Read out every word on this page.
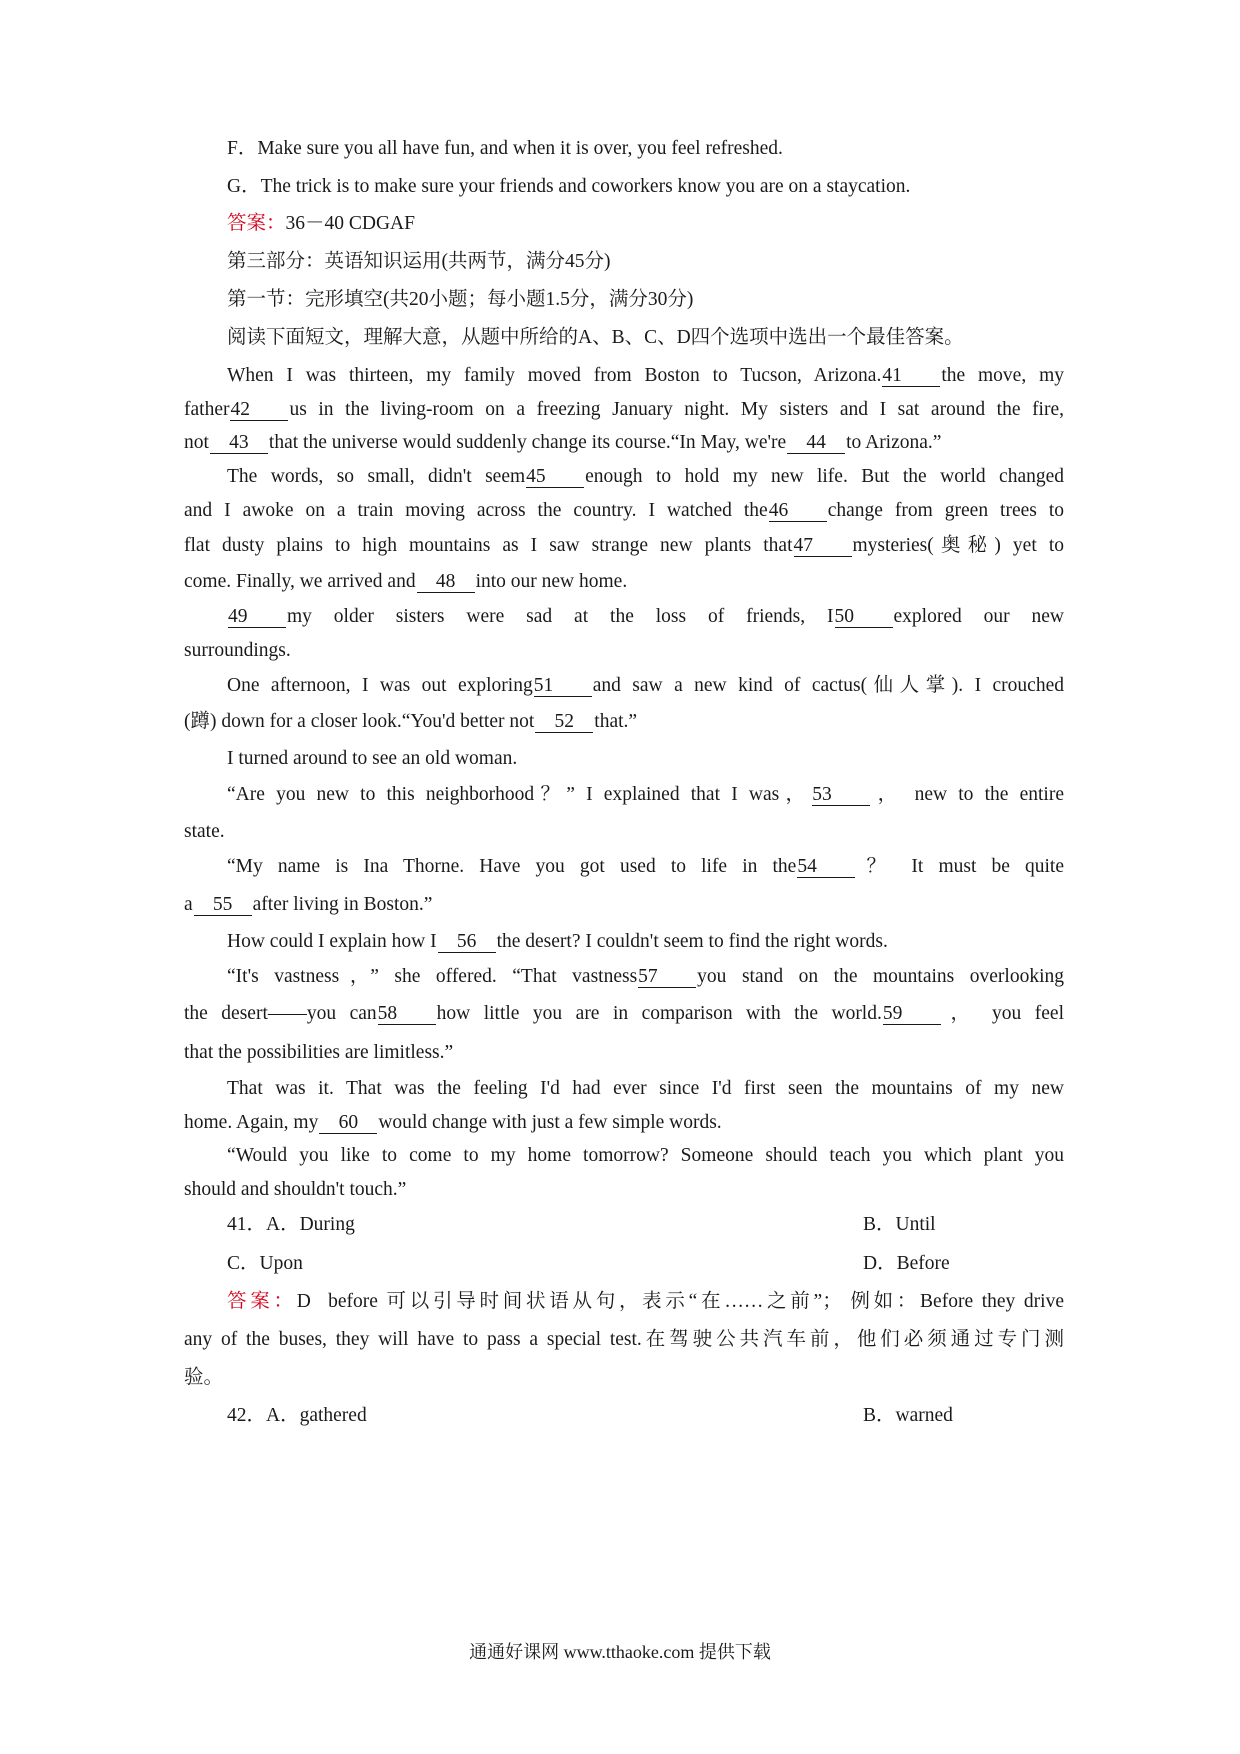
F．Make sure you all have fun, and when it is over, you feel refreshed.
G．The trick is to make sure your friends and coworkers know you are on a staycation.
答案：36－40 CDGAF
第三部分：英语知识运用(共两节，满分45分)
第一节：完形填空(共20小题；每小题1.5分，满分30分)
阅读下面短文，理解大意，从题中所给的A、B、C、D四个选项中选出一个最佳答案。
When I was thirteen, my family moved from Boston to Tucson, Arizona.41 the move, my
father42 us in the living-room on a freezing January night. My sisters and I sat around the fire,
not 43 that the universe would suddenly change its course.“In May, we're 44 to Arizona.”
The words, so small, didn't seem45 enough to hold my new life. But the world changed
and I awoke on a train moving across the country. I watched the46 change from green trees to
flat dusty plains to high mountains as I saw strange new plants that47 mysteries(奥秘) yet to
come. Finally, we arrived and 48 into our new home.
49 my older sisters were sad at the loss of friends, I50 explored our new
surroundings.
One afternoon, I was out exploring51 and saw a new kind of cactus(仙人掌). I crouched
(蹲) down for a closer look.“You'd better not 52 that.”
I turned around to see an old woman.
“Are you new to this neighborhood？” I explained that I was，53 ， new to the entire
state.
“My name is Ina Thorne. Have you got used to life in the54 ？ It must be quite
a 55 after living in Boston.”
How could I explain how I 56 the desert? I couldn't seem to find the right words.
“It's vastness，” she offered. “That vastness57 you stand on the mountains overlooking
the desert——you can58 how little you are in comparison with the world.59 ， you feel
that the possibilities are limitless.”
That was it. That was the feeling I'd had ever since I'd first seen the mountains of my new
home. Again, my 60 would change with just a few simple words.
“Would you like to come to my home tomorrow? Someone should teach you which plant you
should and shouldn't touch.”
41．A．During	B．Until
C．Upon	D．Before
答案：D before 可以引导时间状语从句，表示“在……之前”； 例如：Before they drive
any of the buses, they will have to pass a special test.在驾驶公共汽车前，他们必须通过专门测
验。
42．A．gathered	B．warned
通通好课网 www.tthaoke.com 提供下载
